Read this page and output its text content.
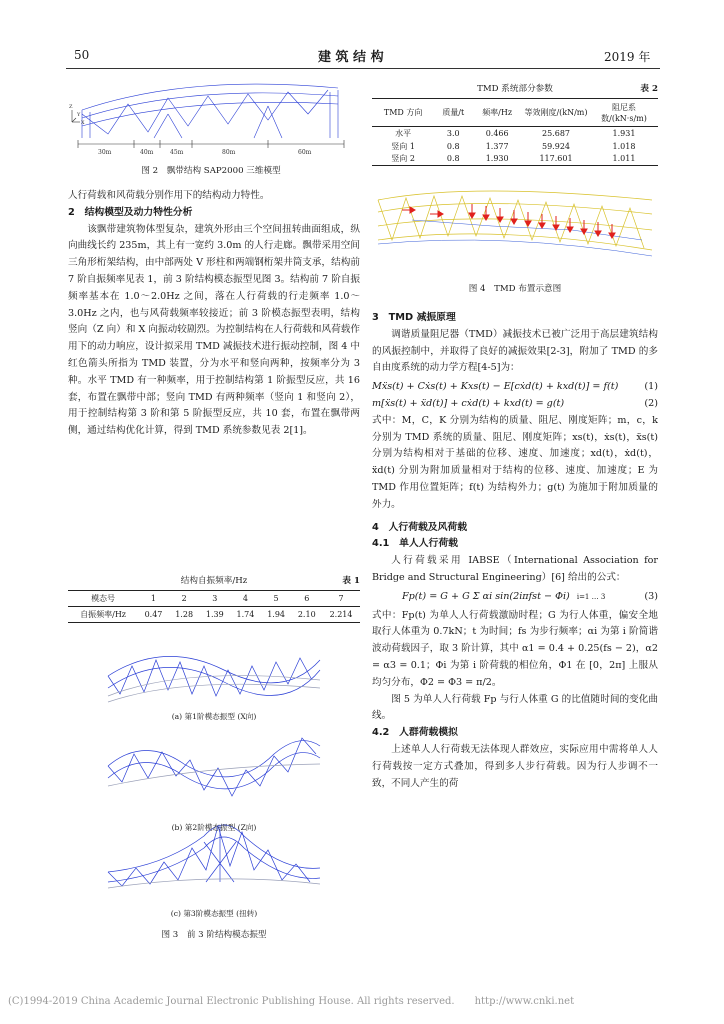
50	建 筑 结 构	2019 年
30m	40m	45m	80m	60m
Z
Y
X
图 2　飘带结构 SAP2000 三维模型

人行荷载和风荷载分别作用下的结构动力特性。

2　结构模型及动力特性分析

该飘带建筑物体型复杂，建筑外形由三个空间扭转曲面组成，纵向曲线长约 235m，其上有一宽约 3.0m 的人行走廊。飘带采用空间三角形桁架结构，由中部两处 V 形柱和两端钢桁架井筒支承，结构前 7 阶自振频率见表 1，前 3 阶结构模态振型见图 3。结构前 7 阶自振频率基本在 1.0～2.0Hz 之间，落在人行荷载的行走频率 1.0～3.0Hz 之内，也与风荷载频率较接近；前 3 阶模态振型表明，结构竖向（Z 向）和 X 向振动较剧烈。为控制结构在人行荷载和风荷载作用下的动力响应，设计拟采用 TMD 减振技术进行振动控制，图 4 中红色箭头所指为 TMD 装置，分为水平和竖向两种，按频率分为 3 种。水平 TMD 有一种频率，用于控制结构第 1 阶振型反应，共 16 套，布置在飘带中部；竖向 TMD 有两种频率（竖向 1 和竖向 2），用于控制结构第 3 阶和第 5 阶振型反应，共 10 套，布置在飘带两侧，通过结构优化计算，得到 TMD 系统参数见表 2[1]。

结构自振频率/Hz	表 1
模态号	1	2	3	4	5	6	7
自振频率/Hz	0.47	1.28	1.39	1.74	1.94	2.10	2.214
(a) 第1阶模态振型 (X向)
(b) 第2阶模态振型 (Z向)
(c) 第3阶模态振型 (扭转)
图 3　前 3 阶结构模态振型
TMD 系统部分参数	表 2
TMD 方向	质量/t	频率/Hz	等效刚度/(kN/m)	阻尼系数/(kN·s/m)
水平	3.0	0.466	25.687	1.931
竖向 1	0.8	1.377	59.924	1.018
竖向 2	0.8	1.930	117.601	1.011
图 4　TMD 布置示意图

3　TMD 减振原理

调谐质量阻尼器（TMD）减振技术已被广泛用于高层建筑结构的风振控制中，并取得了良好的减振效果[2-3]，附加了 TMD 的多自由度系统的动力学方程[4-5]为：

Mẍs(t) + Cẋs(t) + Kxs(t) − E[cẋd(t) + kxd(t)] = f(t)	(1)
m[ẍs(t) + ẍd(t)] + cẋd(t) + kxd(t) = g(t)	(2)

式中：M，C，K 分别为结构的质量、阻尼、刚度矩阵；m，c，k 分别为 TMD 系统的质量、阻尼、刚度矩阵；xs(t)，ẋs(t)，ẍs(t) 分别为结构相对于基础的位移、速度、加速度；xd(t)，ẋd(t)，ẍd(t) 分别为附加质量相对于结构的位移、速度、加速度；E 为 TMD 作用位置矩阵；f(t) 为结构外力；g(t) 为施加于附加质量的外力。

4　人行荷载及风荷载

4.1　单人人行荷载

人行荷载采用 IABSE（International Association for Bridge and Structural Engineering）[6] 给出的公式：

Fp(t) = G + G Σ αi sin(2iπfst − Φi) i=1 … 3	(3)

式中：Fp(t) 为单人人行荷载激励时程；G 为行人体重，偏安全地取行人体重为 0.7kN；t 为时间；fs 为步行频率；αi 为第 i 阶简谐波动荷载因子，取 3 阶计算，其中 α1 = 0.4 + 0.25(fs − 2)，α2 = α3 = 0.1；Φi 为第 i 阶荷载的相位角，Φ1 在 [0，2π] 上服从均匀分布，Φ2 = Φ3 = π/2。

图 5 为单人人行荷载 Fp 与行人体重 G 的比值随时间的变化曲线。

4.2　人群荷载模拟

上述单人人行荷载无法体现人群效应，实际应用中需将单人人行荷载按一定方式叠加，得到多人步行荷载。因为行人步调不一致，不同人产生的荷

(C)1994-2019 China Academic Journal Electronic Publishing House. All rights reserved.　　http://www.cnki.net
